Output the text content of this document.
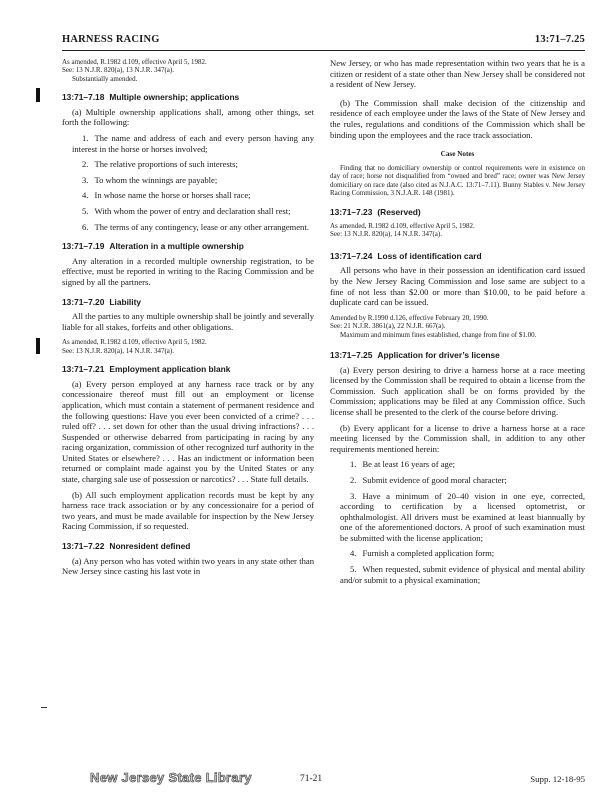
HARNESS RACING	13:71–7.25
As amended, R.1982 d.109, effective April 5, 1982.
See: 13 N.J.R. 820(a), 13 N.J.R. 347(a).
Substantially amended.
13:71–7.18 Multiple ownership; applications

(a) Multiple ownership applications shall, among other things, set forth the following:

1. The name and address of each and every person having any interest in the horse or horses involved;
2. The relative proportions of such interests;
3. To whom the winnings are payable;
4. In whose name the horse or horses shall race;
5. With whom the power of entry and declaration shall rest;
6. The terms of any contingency, lease or any other arrangement.
13:71–7.19 Alteration in a multiple ownership

Any alteration in a recorded multiple ownership registration, to be effective, must be reported in writing to the Racing Commission and be signed by all the partners.

13:71–7.20 Liability

All the parties to any multiple ownership shall be jointly and severally liable for all stakes, forfeits and other obligations.

As amended, R.1982 d.109, effective April 5, 1982.
See: 13 N.J.R. 820(a), 14 N.J.R. 347(a).
13:71–7.21 Employment application blank

(a) Every person employed at any harness race track or by any concessionaire thereof must fill out an employment or license application, which must contain a statement of permanent residence and the following questions: Have you ever been convicted of a crime? . . . ruled off? . . . set down for other than the usual driving infractions? . . . Suspended or otherwise debarred from participating in racing by any racing organization, commission of other recognized turf authority in the United States or elsewhere? . . . Has an indictment or information been returned or complaint made against you by the United States or any state, charging sale use of possession or narcotics? . . . State full details.

(b) All such employment application records must be kept by any harness race track association or by any concessionaire for a period of two years, and must be made available for inspection by the New Jersey Racing Commission, if so requested.

13:71–7.22 Nonresident defined

(a) Any person who has voted within two years in any state other than New Jersey since casting his last vote in

New Jersey, or who has made representation within two years that he is a citizen or resident of a state other than New Jersey shall be considered not a resident of New Jersey.

(b) The Commission shall make decision of the citizenship and residence of each employee under the laws of the State of New Jersey and the rules, regulations and conditions of the Commission which shall be binding upon the employees and the race track association.

Case Notes

Finding that no domiciliary ownership or control requirements were in existence on day of race; horse not disqualified from “owned and bred” race; owner was New Jersey domiciliary on race date (also cited as N.J.A.C. 13:71–7.11). Bunny Stables v. New Jersey Racing Commission, 3 N.J.A.R. 148 (1981).

13:71–7.23 (Reserved)
As amended, R.1982 d.109, effective April 5, 1982.
See: 13 N.J.R. 820(a), 14 N.J.R. 347(a).
13:71–7.24 Loss of identification card

All persons who have in their possession an identification card issued by the New Jersey Racing Commission and lose same are subject to a fine of not less than $2.00 or more than $10.00, to be paid before a duplicate card can be issued.

Amended by R.1990 d.126, effective February 20, 1990.
See: 21 N.J.R. 3861(a), 22 N.J.R. 667(a).
Maximum and minimum fines established, change from fine of $1.00.
13:71–7.25 Application for driver’s license

(a) Every person desiring to drive a harness horse at a race meeting licensed by the Commission shall be required to obtain a license from the Commission. Such application shall be on forms provided by the Commission; applications may be filed at any Commission office. Such license shall be presented to the clerk of the course before driving.

(b) Every applicant for a license to drive a harness horse at a race meeting licensed by the Commission shall, in addition to any other requirements mentioned herein:

1. Be at least 16 years of age;
2. Submit evidence of good moral character;
3. Have a minimum of 20–40 vision in one eye, corrected, according to certification by a licensed optometrist, or ophthalmologist. All drivers must be examined at least biannually by one of the aforementioned doctors. A proof of such examination must be submitted with the license application;
4. Furnish a completed application form;
5. When requested, submit evidence of physical and mental ability and/or submit to a physical examination;
New Jersey State Library	71-21	Supp. 12-18-95
